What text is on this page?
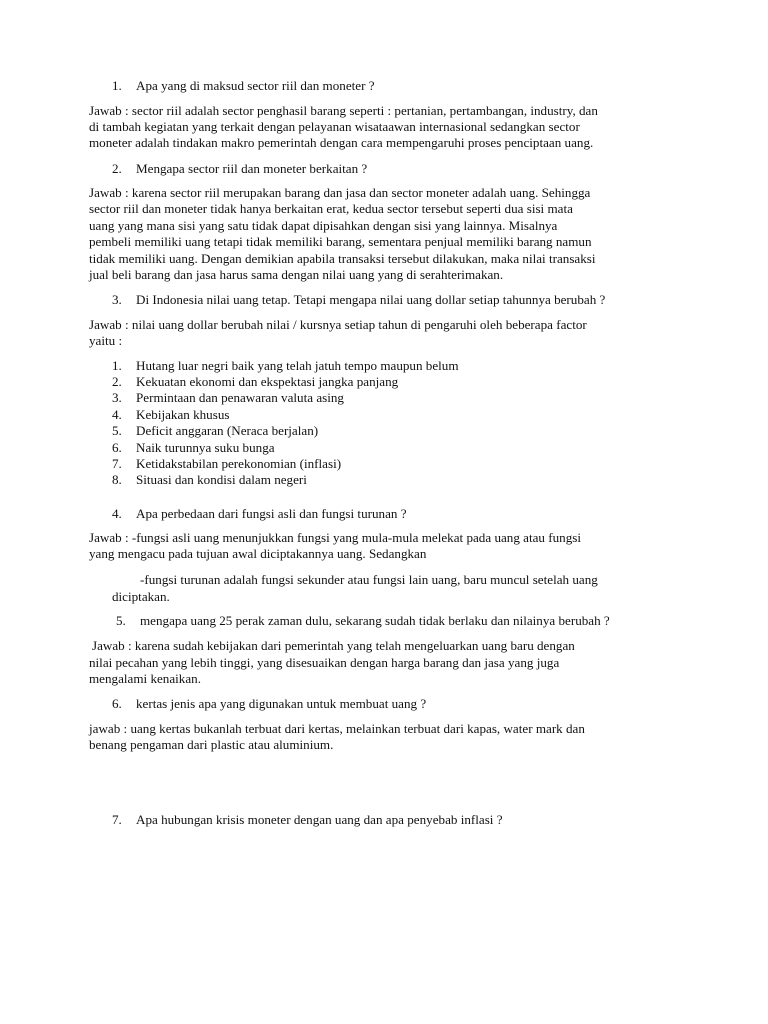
1. Apa yang di maksud sector riil dan moneter ?
Jawab : sector riil adalah sector penghasil barang seperti : pertanian, pertambangan, industry, dan
di tambah kegiatan yang terkait dengan pelayanan wisataawan internasional sedangkan sector
moneter adalah tindakan makro pemerintah dengan cara mempengaruhi proses penciptaan uang.
2. Mengapa sector riil dan moneter berkaitan ?
Jawab : karena sector riil merupakan barang dan jasa dan sector moneter adalah uang. Sehingga
sector riil dan moneter tidak hanya berkaitan erat, kedua sector tersebut seperti dua sisi mata
uang yang mana sisi yang satu tidak dapat dipisahkan dengan sisi yang lainnya. Misalnya
pembeli memiliki uang tetapi tidak memiliki barang, sementara penjual memiliki barang namun
tidak memiliki uang. Dengan demikian apabila transaksi tersebut dilakukan, maka nilai transaksi
jual beli barang dan jasa harus sama dengan nilai uang yang di serahterimakan.
3. Di Indonesia nilai uang tetap. Tetapi mengapa nilai uang dollar setiap tahunnya berubah ?
Jawab : nilai uang dollar berubah nilai / kursnya setiap tahun di pengaruhi oleh beberapa factor
yaitu :
1. Hutang luar negri baik yang telah jatuh tempo maupun belum
2. Kekuatan ekonomi dan ekspektasi jangka panjang
3. Permintaan dan penawaran valuta asing
4. Kebijakan khusus
5. Deficit anggaran (Neraca berjalan)
6. Naik turunnya suku bunga
7. Ketidakstabilan perekonomian (inflasi)
8. Situasi dan kondisi dalam negeri
4. Apa perbedaan dari fungsi asli dan fungsi turunan ?
Jawab : -fungsi asli uang menunjukkan fungsi yang mula-mula melekat pada uang atau fungsi
yang mengacu pada tujuan awal diciptakannya uang. Sedangkan
-fungsi turunan adalah fungsi sekunder atau fungsi lain uang, baru muncul setelah uang
diciptakan.
5. mengapa uang 25 perak zaman dulu, sekarang sudah tidak berlaku dan nilainya berubah ?
Jawab : karena sudah kebijakan dari pemerintah yang telah mengeluarkan uang baru dengan
nilai pecahan yang lebih tinggi, yang disesuaikan dengan harga barang dan jasa yang juga
mengalami kenaikan.
6. kertas jenis apa yang digunakan untuk membuat uang ?
jawab : uang kertas bukanlah terbuat dari kertas, melainkan terbuat dari kapas, water mark dan
benang pengaman dari plastic atau aluminium.
7. Apa hubungan krisis moneter dengan uang dan apa penyebab inflasi ?
